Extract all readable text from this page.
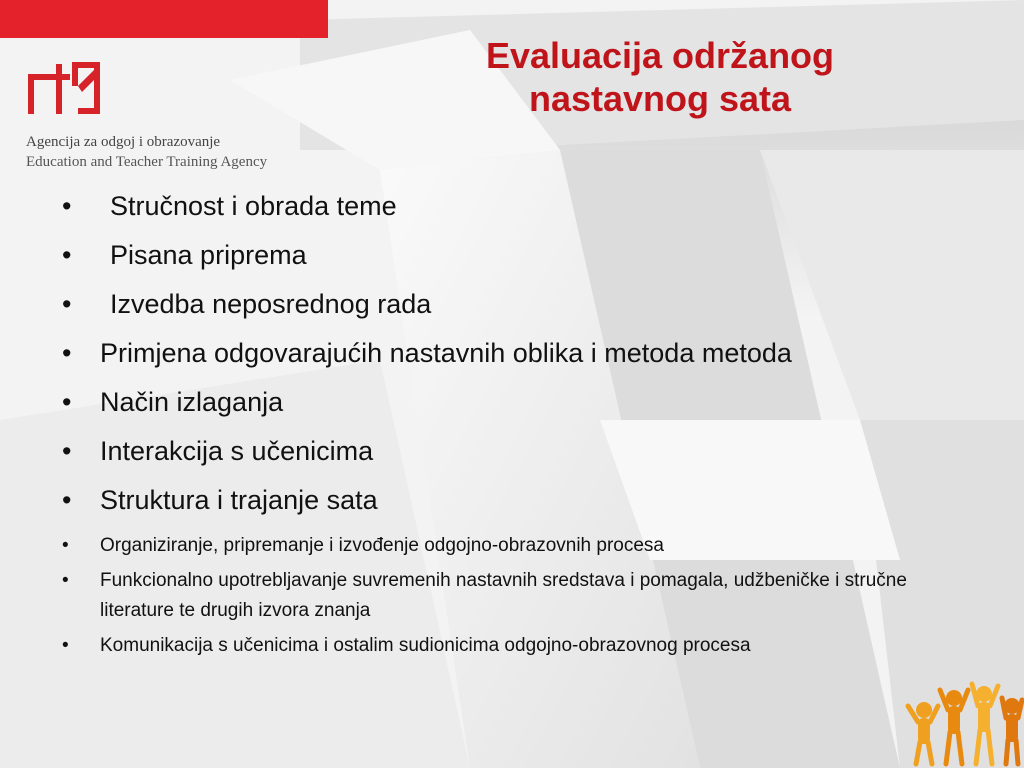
Agencija za odgoj i obrazovanje
Education and Teacher Training Agency
Evaluacija održanog
nastavnog sata
• Stručnost i obrada teme
• Pisana priprema
• Izvedba neposrednog rada
• Primjena odgovarajućih nastavnih oblika i metoda metoda
• Način izlaganja
• Interakcija s učenicima
• Struktura i trajanje sata
• Organiziranje, pripremanje i izvođenje odgojno-obrazovnih procesa
• Funkcionalno upotrebljavanje suvremenih nastavnih sredstava i pomagala, udžbeničke i stručne literature te drugih izvora znanja
• Komunikacija s učenicima i ostalim sudionicima odgojno-obrazovnog procesa
